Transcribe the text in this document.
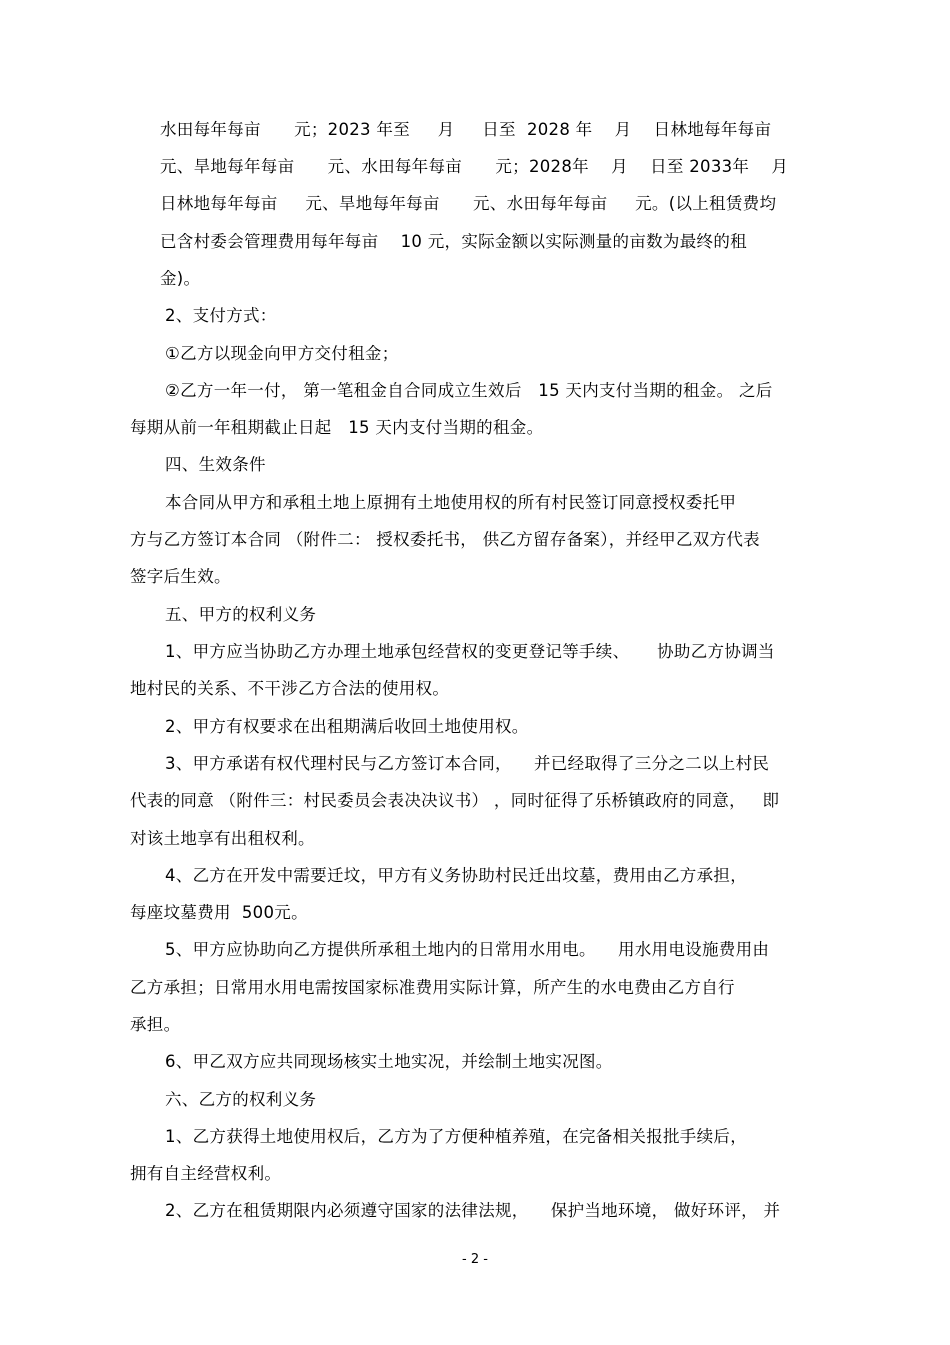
水田每年每亩      元；2023 年至     月     日至  2028 年    月    日林地每年每亩
元、旱地每年每亩      元、水田每年每亩      元；2028年    月    日至 2033年    月
日林地每年每亩     元、旱地每年每亩      元、水田每年每亩     元。(以上租赁费均
已含村委会管理费用每年每亩    10 元，实际金额以实际测量的亩数为最终的租
金)。
2、支付方式：
①乙方以现金向甲方交付租金；
②乙方一年一付， 第一笔租金自合同成立生效后   15 天内支付当期的租金。 之后
每期从前一年租期截止日起   15 天内支付当期的租金。
四、生效条件
本合同从甲方和承租土地上原拥有土地使用权的所有村民签订同意授权委托甲
方与乙方签订本合同 （附件二： 授权委托书， 供乙方留存备案），并经甲乙双方代表
签字后生效。
五、甲方的权利义务
1、甲方应当协助乙方办理土地承包经营权的变更登记等手续、     协助乙方协调当
地村民的关系、不干涉乙方合法的使用权。
2、甲方有权要求在出租期满后收回土地使用权。
3、甲方承诺有权代理村民与乙方签订本合同，    并已经取得了三分之二以上村民
代表的同意 （附件三：村民委员会表决决议书） ，同时征得了乐桥镇政府的同意，   即
对该土地享有出租权利。
4、乙方在开发中需要迁坟，甲方有义务协助村民迁出坟墓，费用由乙方承担，
每座坟墓费用  500元。
5、甲方应协助向乙方提供所承租土地内的日常用水用电。    用水用电设施费用由
乙方承担；日常用水用电需按国家标准费用实际计算，所产生的水电费由乙方自行
承担。
6、甲乙双方应共同现场核实土地实况，并绘制土地实况图。
六、乙方的权利义务
1、乙方获得土地使用权后，乙方为了方便种植养殖，在完备相关报批手续后，
拥有自主经营权利。
2、乙方在租赁期限内必须遵守国家的法律法规，    保护当地环境， 做好环评， 并
- 2 -
